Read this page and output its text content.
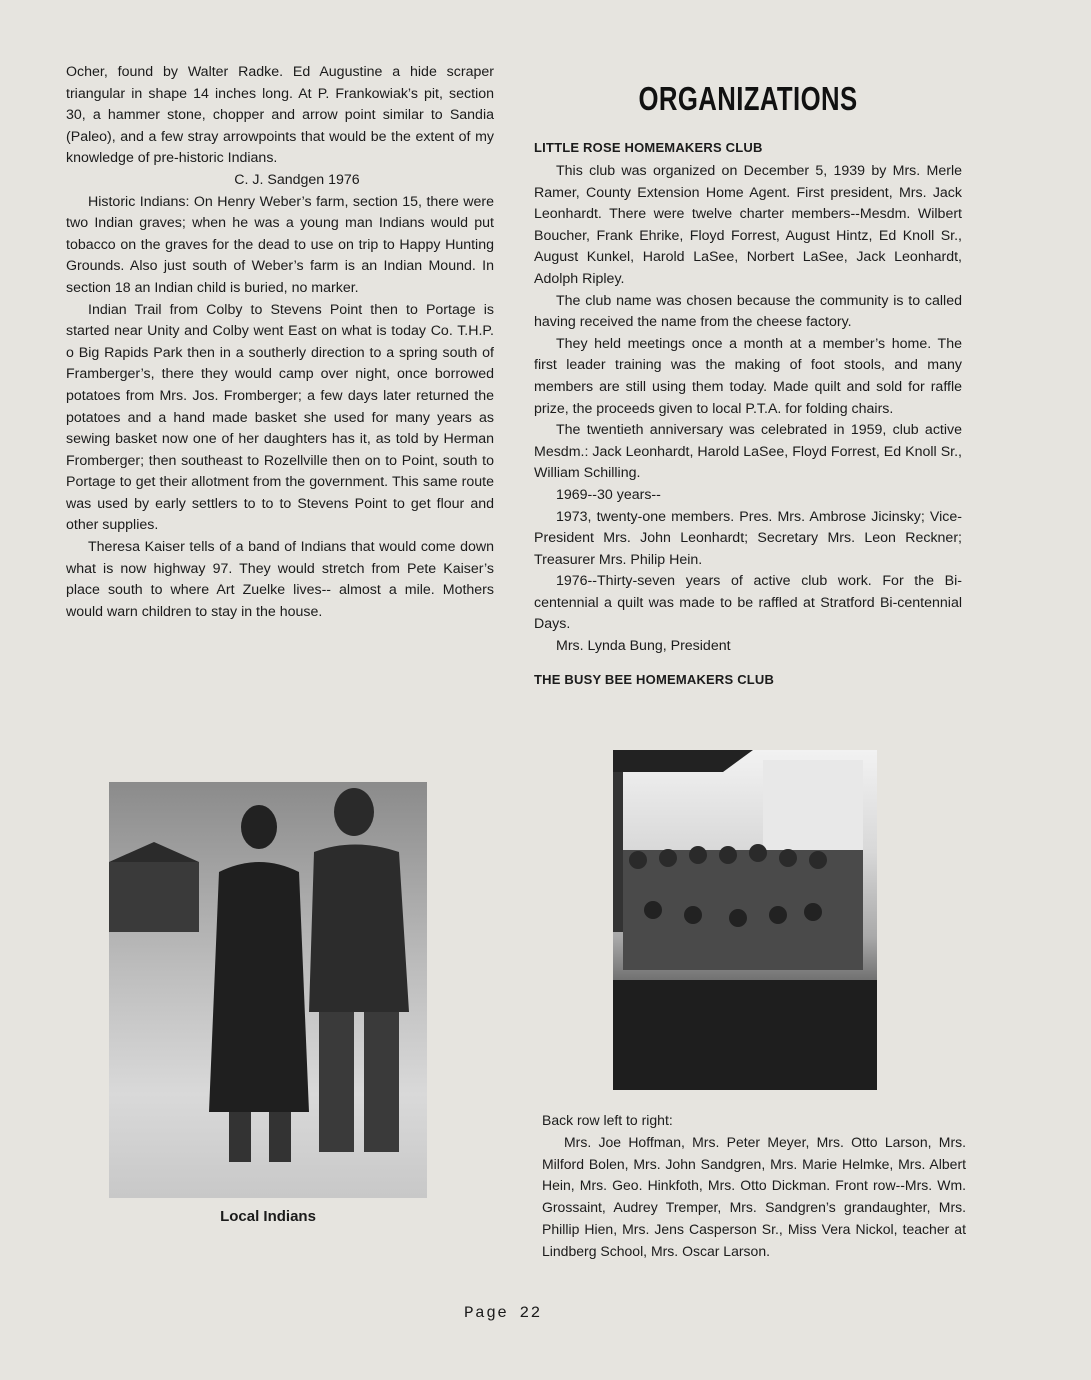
Ocher, found by Walter Radke. Ed Augustine a hide scraper triangular in shape 14 inches long. At P. Frankowiak’s pit, section 30, a hammer stone, chopper and arrow point similar to Sandia (Paleo), and a few stray arrowpoints that would be the extent of my knowledge of pre-historic Indians.

C. J. Sandgen 1976

Historic Indians: On Henry Weber’s farm, section 15, there were two Indian graves; when he was a young man Indians would put tobacco on the graves for the dead to use on trip to Happy Hunting Grounds. Also just south of Weber’s farm is an Indian Mound. In section 18 an Indian child is buried, no marker.

Indian Trail from Colby to Stevens Point then to Portage is started near Unity and Colby went East on what is today Co. T.H.P. o Big Rapids Park then in a southerly direction to a spring south of Framberger’s, there they would camp over night, once borrowed potatoes from Mrs. Jos. Fromberger; a few days later returned the potatoes and a hand made basket she used for many years as sewing basket now one of her daughters has it, as told by Herman Fromberger; then southeast to Rozellville then on to Point, south to Portage to get their allotment from the government. This same route was used by early settlers to to to Stevens Point to get flour and other supplies.

Theresa Kaiser tells of a band of Indians that would come down what is now highway 97. They would stretch from Pete Kaiser’s place south to where Art Zuelke lives-- almost a mile. Mothers would warn children to stay in the house.

Local Indians
ORGANIZATIONS
LITTLE ROSE HOMEMAKERS CLUB

This club was organized on December 5, 1939 by Mrs. Merle Ramer, County Extension Home Agent. First president, Mrs. Jack Leonhardt. There were twelve charter members--Mesdm. Wilbert Boucher, Frank Ehrike, Floyd Forrest, August Hintz, Ed Knoll Sr., August Kunkel, Harold LaSee, Norbert LaSee, Jack Leonhardt, Adolph Ripley.

The club name was chosen because the community is to called having received the name from the cheese factory.

They held meetings once a month at a member’s home. The first leader training was the making of foot stools, and many members are still using them today. Made quilt and sold for raffle prize, the proceeds given to local P.T.A. for folding chairs.

The twentieth anniversary was celebrated in 1959, club active Mesdm.: Jack Leonhardt, Harold LaSee, Floyd Forrest, Ed Knoll Sr., William Schilling.

1969--30 years--

1973, twenty-one members. Pres. Mrs. Ambrose Jicinsky; Vice-President Mrs. John Leonhardt; Secretary Mrs. Leon Reckner; Treasurer Mrs. Philip Hein.

1976--Thirty-seven years of active club work. For the Bi-centennial a quilt was made to be raffled at Stratford Bi-centennial Days.

Mrs. Lynda Bung, President

THE BUSY BEE HOMEMAKERS CLUB

Back row left to right:

Mrs. Joe Hoffman, Mrs. Peter Meyer, Mrs. Otto Larson, Mrs. Milford Bolen, Mrs. John Sandgren, Mrs. Marie Helmke, Mrs. Albert Hein, Mrs. Geo. Hinkfoth, Mrs. Otto Dickman. Front row--Mrs. Wm. Grossaint, Audrey Tremper, Mrs. Sandgren’s grandaughter, Mrs. Phillip Hien, Mrs. Jens Casperson Sr., Miss Vera Nickol, teacher at Lindberg School, Mrs. Oscar Larson.

Page 22
